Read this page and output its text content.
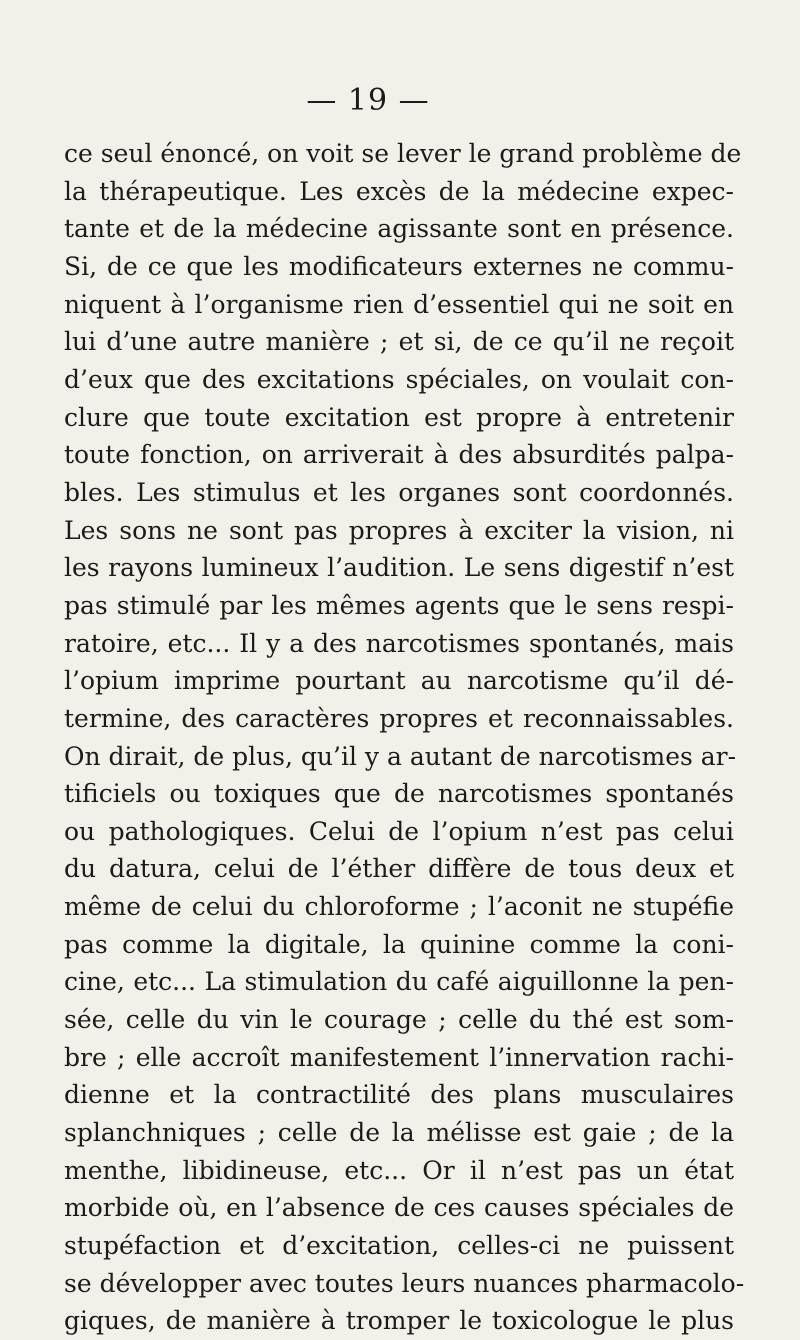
— 19 —
ce seul énoncé, on voit se lever le grand problème de
la thérapeutique. Les excès de la médecine expec-
tante et de la médecine agissante sont en présence.
Si, de ce que les modificateurs externes ne commu-
niquent à l’organisme rien d’essentiel qui ne soit en
lui d’une autre manière ; et si, de ce qu’il ne reçoit
d’eux que des excitations spéciales, on voulait con-
clure que toute excitation est propre à entretenir
toute fonction, on arriverait à des absurdités palpa-
bles. Les stimulus et les organes sont coordonnés.
Les sons ne sont pas propres à exciter la vision, ni
les rayons lumineux l’audition. Le sens digestif n’est
pas stimulé par les mêmes agents que le sens respi-
ratoire, etc... Il y a des narcotismes spontanés, mais
l’opium imprime pourtant au narcotisme qu’il dé-
termine, des caractères propres et reconnaissables.
On dirait, de plus, qu’il y a autant de narcotismes ar-
tificiels ou toxiques que de narcotismes spontanés
ou pathologiques. Celui de l’opium n’est pas celui
du datura, celui de l’éther diffère de tous deux et
même de celui du chloroforme ; l’aconit ne stupéfie
pas comme la digitale, la quinine comme la coni-
cine, etc... La stimulation du café aiguillonne la pen-
sée, celle du vin le courage ; celle du thé est som-
bre ; elle accroît manifestement l’innervation rachi-
dienne et la contractilité des plans musculaires
splanchniques ; celle de la mélisse est gaie ; de la
menthe, libidineuse, etc... Or il n’est pas un état
morbide où, en l’absence de ces causes spéciales de
stupéfaction et d’excitation, celles-ci ne puissent
se développer avec toutes leurs nuances pharmacolo-
giques, de manière à tromper le toxicologue le plus
